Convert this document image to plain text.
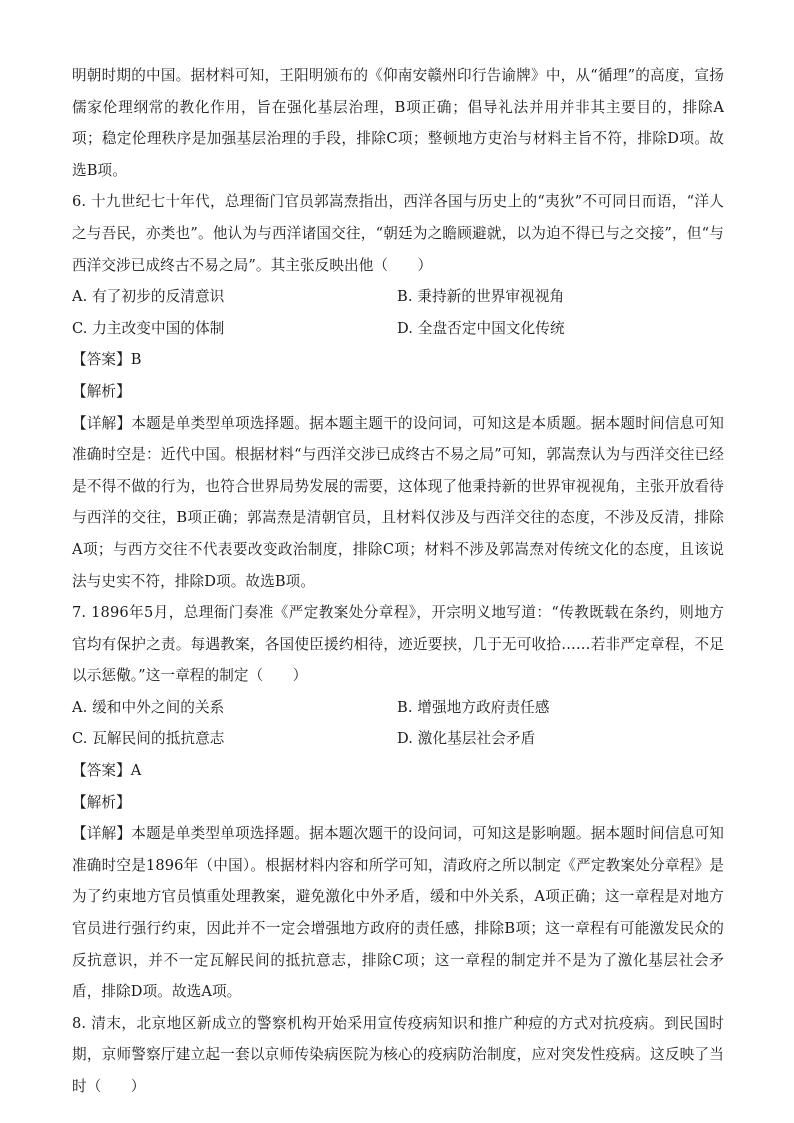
明朝时期的中国。据材料可知，王阳明颁布的《仰南安赣州印行告谕牌》中，从“循理”的高度，宣扬儒家伦理纲常的教化作用，旨在强化基层治理，B项正确；倡导礼法并用并非其主要目的，排除A项；稳定伦理秩序是加强基层治理的手段，排除C项；整顿地方吏治与材料主旨不符，排除D项。故选B项。

6. 十九世纪七十年代，总理衙门官员郭嵩焘指出，西洋各国与历史上的“夷狄”不可同日而语，“洋人之与吾民，亦类也”。他认为与西洋诸国交往，“朝廷为之瞻顾避就，以为迫不得已与之交接”，但“与西洋交涉已成终古不易之局”。其主张反映出他（　　）

A. 有了初步的反清意识	B. 秉持新的世界审视视角
C. 力主改变中国的体制	D. 全盘否定中国文化传统

【答案】B

【解析】

【详解】本题是单类型单项选择题。据本题主题干的设问词，可知这是本质题。据本题时间信息可知准确时空是：近代中国。根据材料“与西洋交涉已成终古不易之局”可知，郭嵩焘认为与西洋交往已经是不得不做的行为，也符合世界局势发展的需要，这体现了他秉持新的世界审视视角，主张开放看待与西洋的交往，B项正确；郭嵩焘是清朝官员，且材料仅涉及与西洋交往的态度，不涉及反清，排除A项；与西方交往不代表要改变政治制度，排除C项；材料不涉及郭嵩焘对传统文化的态度，且该说法与史实不符，排除D项。故选B项。

7. 1896年5月，总理衙门奏准《严定教案处分章程》，开宗明义地写道：“传教既载在条约，则地方官均有保护之责。每遇教案，各国使臣援约相待，迹近要挟，几于无可收拾……若非严定章程，不足以示惩儆。”这一章程的制定（　　）

A. 缓和中外之间的关系	B. 增强地方政府责任感
C. 瓦解民间的抵抗意志	D. 激化基层社会矛盾

【答案】A

【解析】

【详解】本题是单类型单项选择题。据本题次题干的设问词，可知这是影响题。据本题时间信息可知准确时空是1896年（中国）。根据材料内容和所学可知，清政府之所以制定《严定教案处分章程》是为了约束地方官员慎重处理教案，避免激化中外矛盾，缓和中外关系，A项正确；这一章程是对地方官员进行强行约束，因此并不一定会增强地方政府的责任感，排除B项；这一章程有可能激发民众的反抗意识，并不一定瓦解民间的抵抗意志，排除C项；这一章程的制定并不是为了激化基层社会矛盾，排除D项。故选A项。

8. 清末，北京地区新成立的警察机构开始采用宣传疫病知识和推广种痘的方式对抗疫病。到民国时期，京师警察厅建立起一套以京师传染病医院为核心的疫病防治制度，应对突发性疫病。这反映了当时（　　）
